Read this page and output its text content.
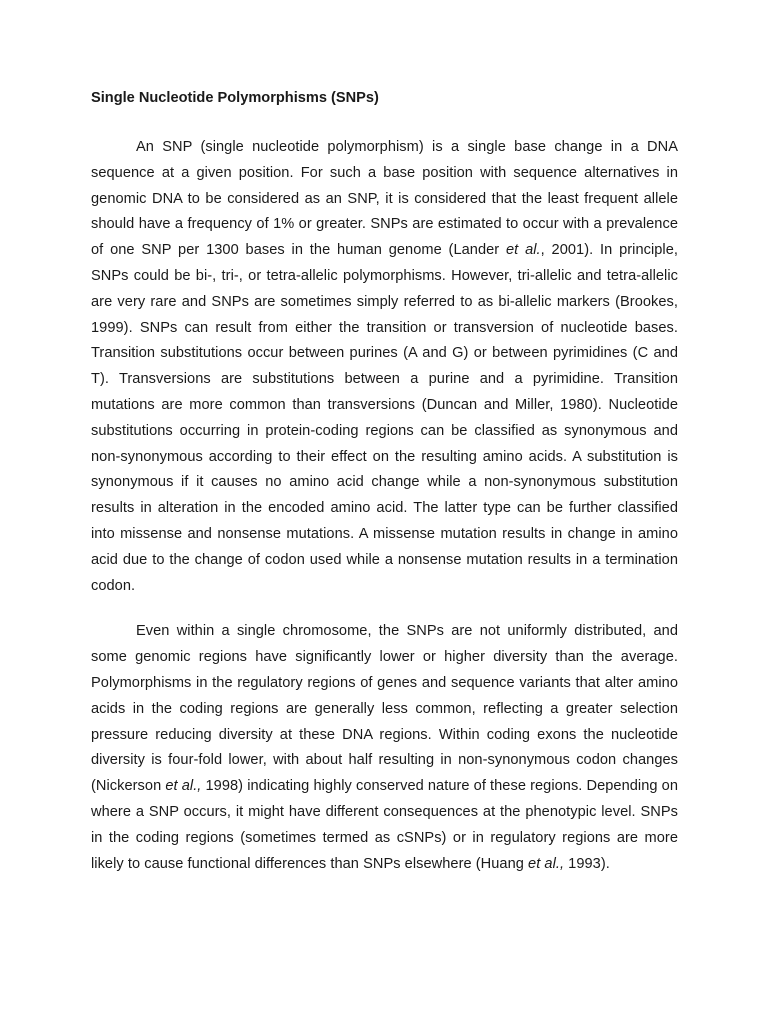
Single Nucleotide Polymorphisms (SNPs)

An SNP (single nucleotide polymorphism) is a single base change in a DNA sequence at a given position. For such a base position with sequence alternatives in genomic DNA to be considered as an SNP, it is considered that the least frequent allele should have a frequency of 1% or greater. SNPs are estimated to occur with a prevalence of one SNP per 1300 bases in the human genome (Lander et al., 2001). In principle, SNPs could be bi-, tri-, or tetra-allelic polymorphisms. However, tri-allelic and tetra-allelic are very rare and SNPs are sometimes simply referred to as bi-allelic markers (Brookes, 1999). SNPs can result from either the transition or transversion of nucleotide bases. Transition substitutions occur between purines (A and G) or between pyrimidines (C and T). Transversions are substitutions between a purine and a pyrimidine. Transition mutations are more common than transversions (Duncan and Miller, 1980). Nucleotide substitutions occurring in protein-coding regions can be classified as synonymous and non-synonymous according to their effect on the resulting amino acids. A substitution is synonymous if it causes no amino acid change while a non-synonymous substitution results in alteration in the encoded amino acid. The latter type can be further classified into missense and nonsense mutations. A missense mutation results in change in amino acid due to the change of codon used while a nonsense mutation results in a termination codon.

Even within a single chromosome, the SNPs are not uniformly distributed, and some genomic regions have significantly lower or higher diversity than the average. Polymorphisms in the regulatory regions of genes and sequence variants that alter amino acids in the coding regions are generally less common, reflecting a greater selection pressure reducing diversity at these DNA regions. Within coding exons the nucleotide diversity is four-fold lower, with about half resulting in non-synonymous codon changes (Nickerson et al., 1998) indicating highly conserved nature of these regions. Depending on where a SNP occurs, it might have different consequences at the phenotypic level. SNPs in the coding regions (sometimes termed as cSNPs) or in regulatory regions are more likely to cause functional differences than SNPs elsewhere (Huang et al., 1993).
